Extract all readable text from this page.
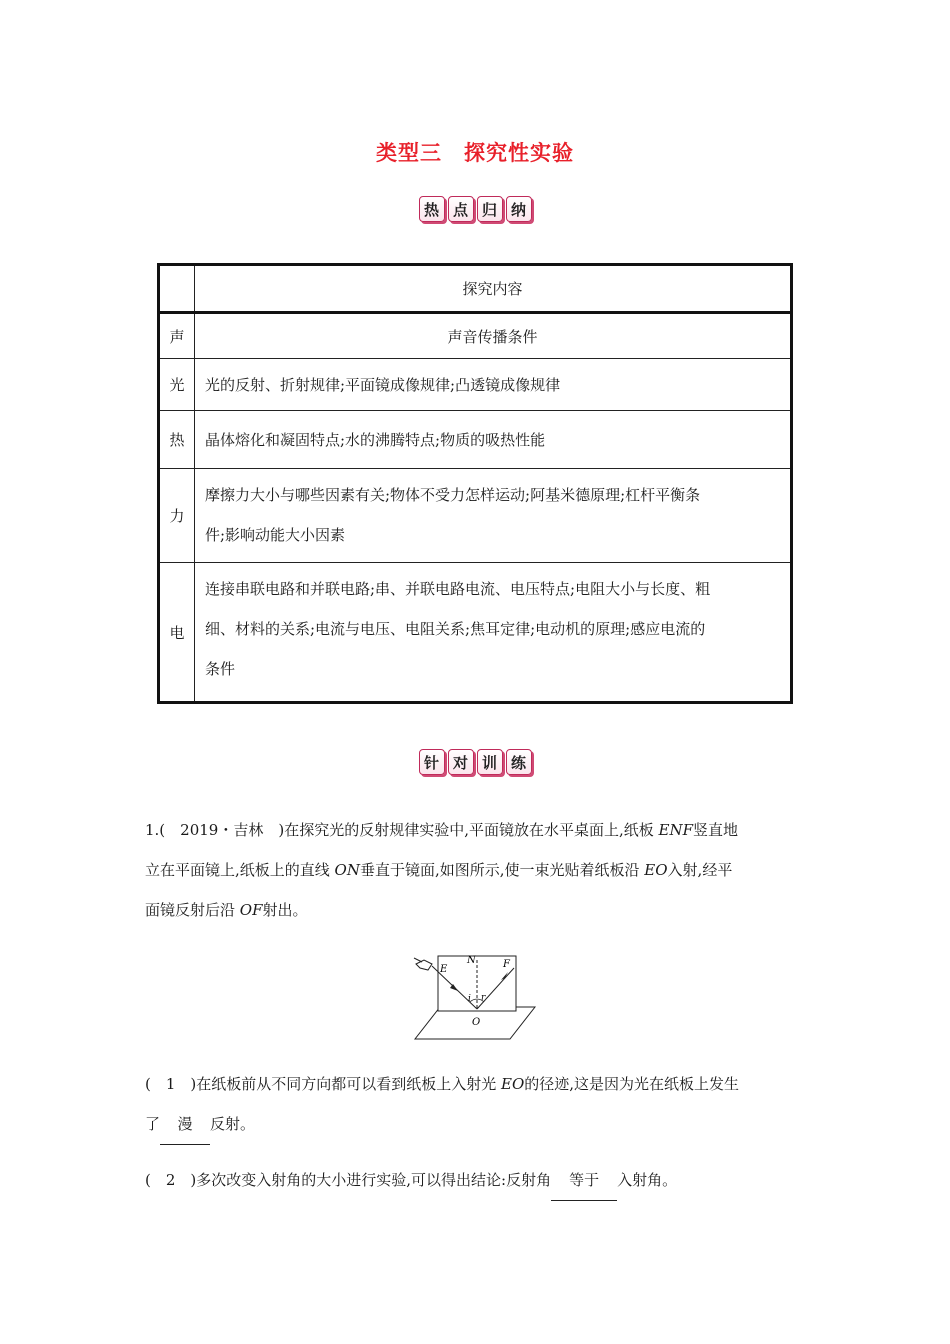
类型三　探究性实验
热 点 归 纳
	探究内容
声	声音传播条件
光	光的反射、折射规律;平面镜成像规律;凸透镜成像规律
热	晶体熔化和凝固特点;水的沸腾特点;物质的吸热性能
力	摩擦力大小与哪些因素有关;物体不受力怎样运动;阿基米德原理;杠杆平衡条
件;影响动能大小因素

电	连接串联电路和并联电路;串、并联电路电流、电压特点;电阻大小与长度、粗
细、材料的关系;电流与电压、电阻关系;焦耳定律;电动机的原理;感应电流的
条件
针 对 训 练
1.(　2019・吉林　)在探究光的反射规律实验中,平面镜放在水平桌面上,纸板 ENF竖直地
立在平面镜上,纸板上的直线 ON垂直于镜面,如图所示,使一束光贴着纸板沿 EO入射,经平
面镜反射后沿 OF射出。
E
N	F
i r
O
(　1　)在纸板前从不同方向都可以看到纸板上入射光 EO的径迹,这是因为光在纸板上发生
了 漫 反射。
(　2　)多次改变入射角的大小进行实验,可以得出结论:反射角 等于 入射角。
